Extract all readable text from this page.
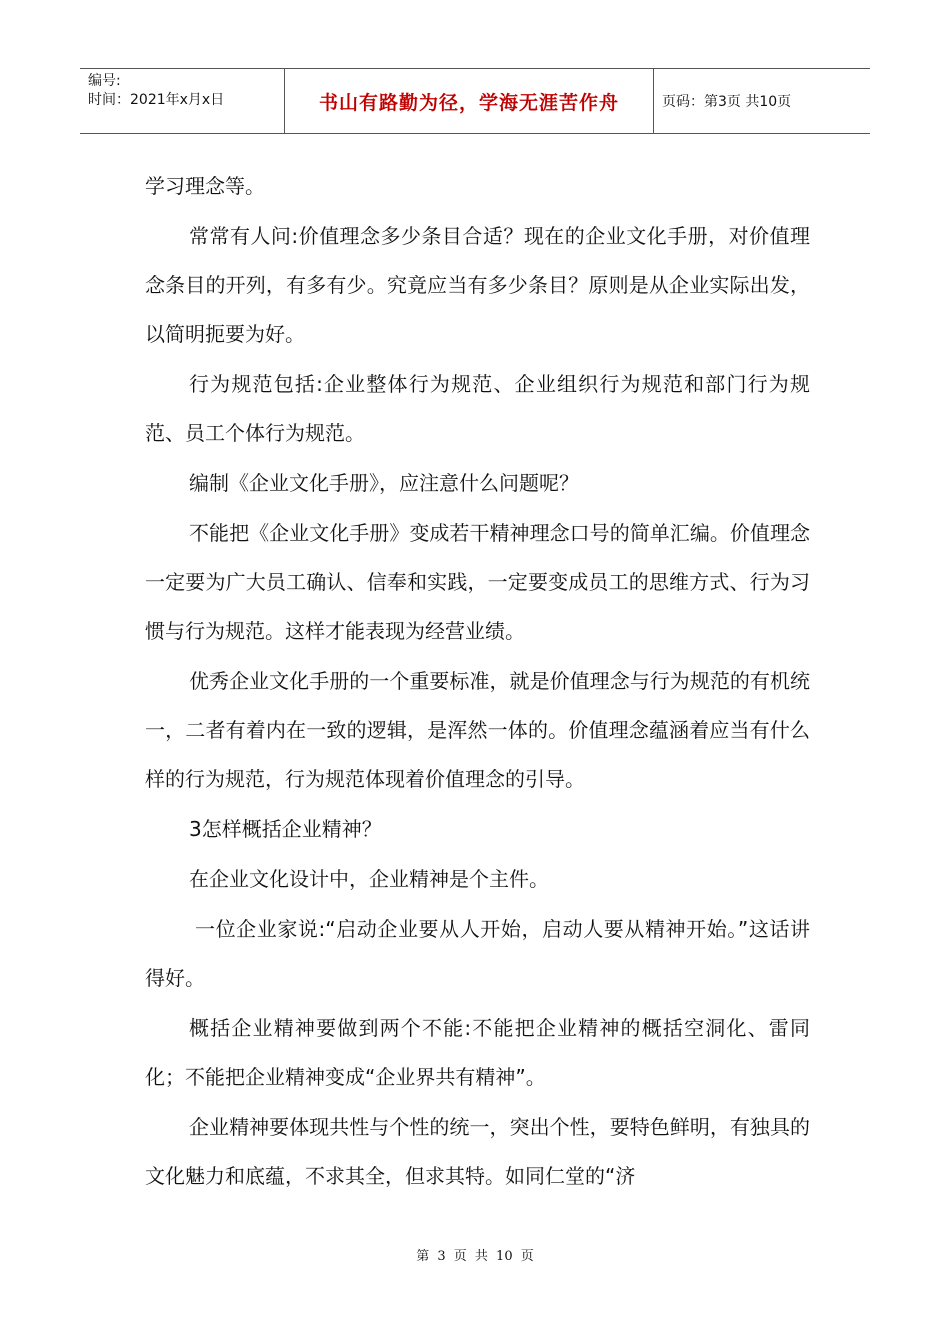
编号:
时间：2021年x月x日	书山有路勤为径，学海无涯苦作舟	页码：第3页 共10页

学习理念等。

常常有人问:价值理念多少条目合适？现在的企业文化手册，对价值理念条目的开列，有多有少。究竟应当有多少条目？原则是从企业实际出发，以简明扼要为好。

行为规范包括:企业整体行为规范、企业组织行为规范和部门行为规范、员工个体行为规范。

编制《企业文化手册》，应注意什么问题呢？

不能把《企业文化手册》变成若干精神理念口号的简单汇编。价值理念一定要为广大员工确认、信奉和实践，一定要变成员工的思维方式、行为习惯与行为规范。这样才能表现为经营业绩。

优秀企业文化手册的一个重要标准，就是价值理念与行为规范的有机统一，二者有着内在一致的逻辑，是浑然一体的。价值理念蕴涵着应当有什么样的行为规范，行为规范体现着价值理念的引导。

3怎样概括企业精神？

在企业文化设计中，企业精神是个主件。

一位企业家说:“启动企业要从人开始，启动人要从精神开始。”这话讲得好。

概括企业精神要做到两个不能:不能把企业精神的概括空洞化、雷同化；不能把企业精神变成“企业界共有精神”。

企业精神要体现共性与个性的统一，突出个性，要特色鲜明，有独具的文化魅力和底蕴，不求其全，但求其特。如同仁堂的“济

第 3 页 共 10 页
